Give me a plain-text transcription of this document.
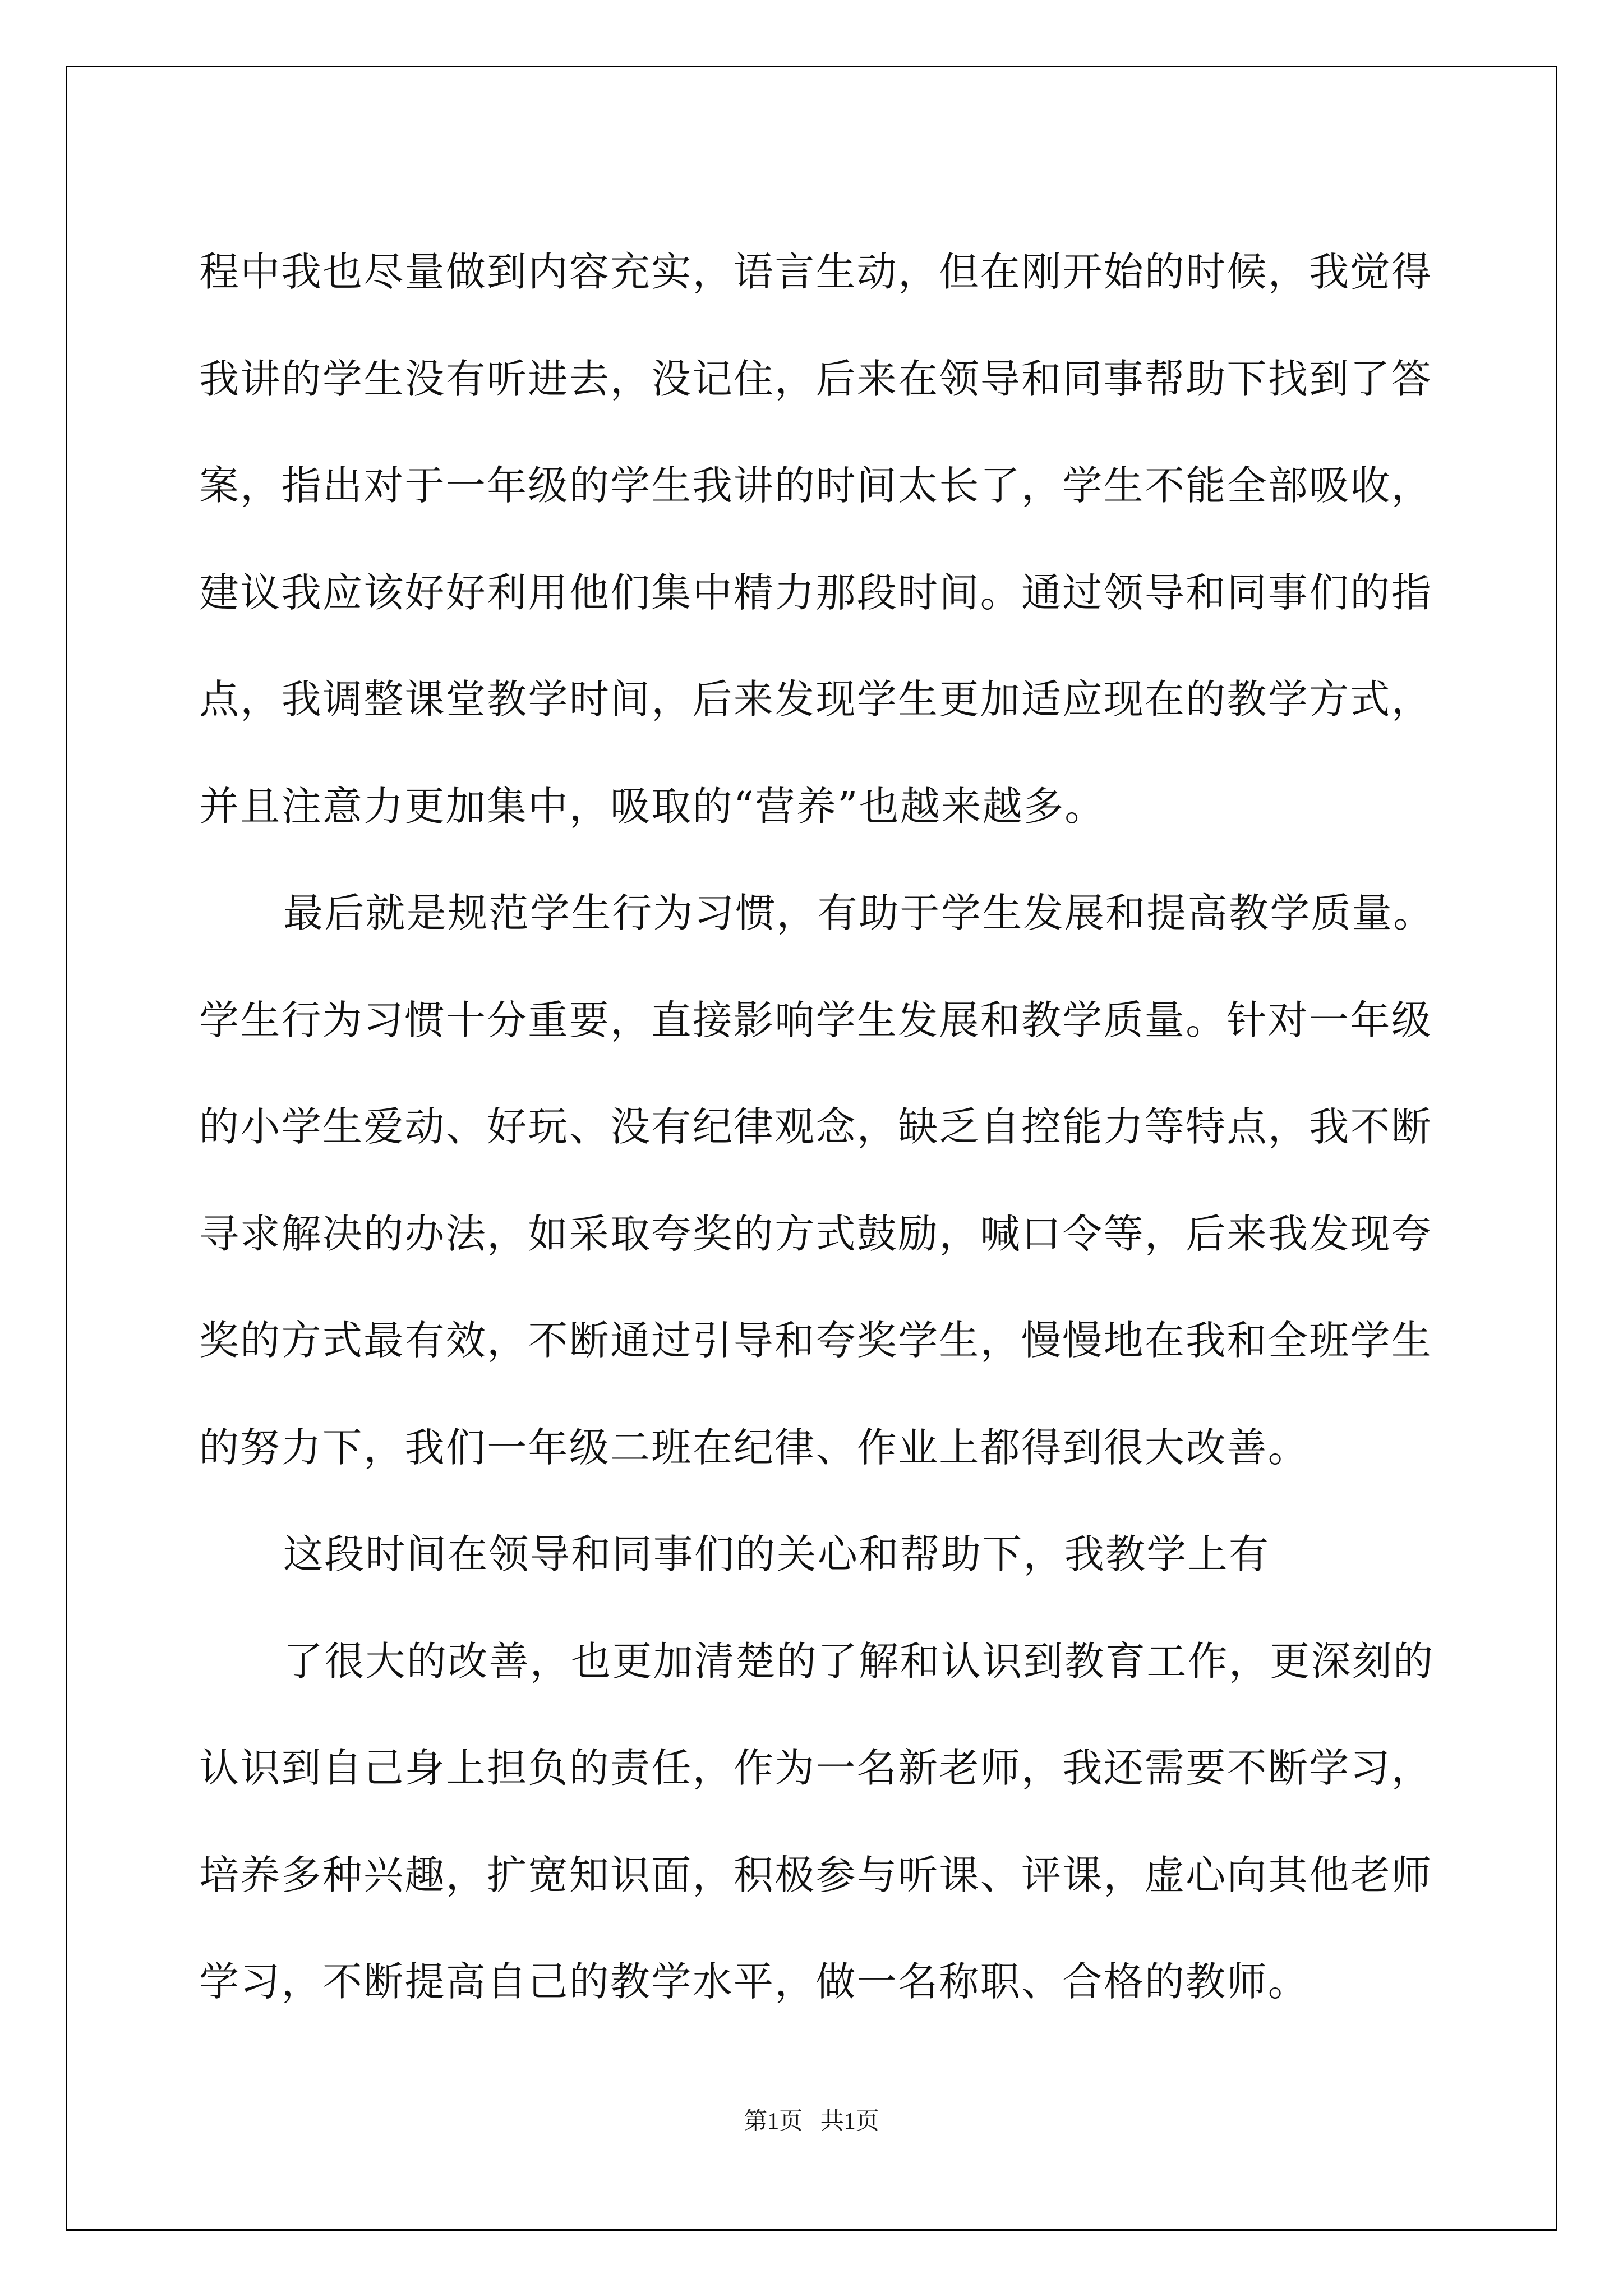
程中我也尽量做到内容充实，语言生动，但在刚开始的时候，我觉得
我讲的学生没有听进去，没记住，后来在领导和同事帮助下找到了答
案，指出对于一年级的学生我讲的时间太长了，学生不能全部吸收，
建议我应该好好利用他们集中精力那段时间。通过领导和同事们的指
点，我调整课堂教学时间，后来发现学生更加适应现在的教学方式，
并且注意力更加集中，吸取的“营养”也越来越多。
最后就是规范学生行为习惯，有助于学生发展和提高教学质量。
学生行为习惯十分重要，直接影响学生发展和教学质量。针对一年级
的小学生爱动、好玩、没有纪律观念，缺乏自控能力等特点，我不断
寻求解决的办法，如采取夸奖的方式鼓励，喊口令等，后来我发现夸
奖的方式最有效，不断通过引导和夸奖学生，慢慢地在我和全班学生
的努力下，我们一年级二班在纪律、作业上都得到很大改善。
这段时间在领导和同事们的关心和帮助下，我教学上有
了很大的改善，也更加清楚的了解和认识到教育工作，更深刻的
认识到自己身上担负的责任，作为一名新老师，我还需要不断学习，
培养多种兴趣，扩宽知识面，积极参与听课、评课，虚心向其他老师
学习，不断提高自己的教学水平，做一名称职、合格的教师。
第1页   共1页
